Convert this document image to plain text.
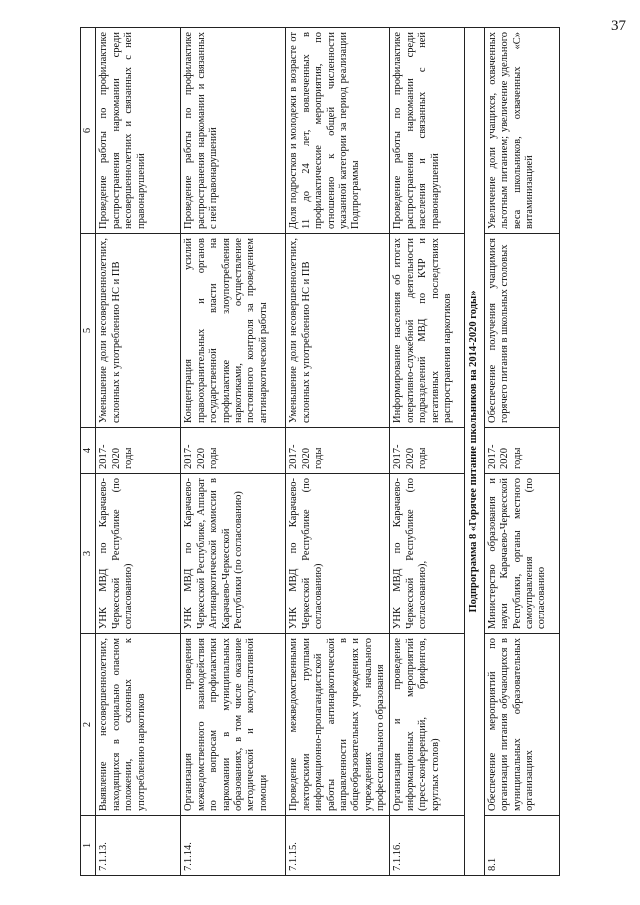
37
1	2	3	4	5	6
7.1.13.	Выявление несовершеннолетних, находящихся в социально опасном положении, склонных к употреблению наркотиков	УНК МВД по Карачаево-Черкесской Республике (по согласованию)	2017-2020 годы	Уменьшение доли несовершеннолетних, склонных к употреблению НС и ПВ	Проведение работы по профилактике распространения наркомании среди несовершеннолетних и связанных с ней правонарушений
7.1.14.	Организация проведения межведомственного взаимодействия по вопросам профилактики наркомании в муниципальных образованиях, в том числе оказание методической и консультативной помощи	УНК МВД по Карачаево-Черкесской Республике, Аппарат Антинаркотической комиссии в Карачаево-Черкесской Республики (по согласованию)	2017-2020 годы	Концентрация усилий правоохранительных и органов государственной власти на профилактике злоупотребления наркотиками, осуществление постоянного контроля за проведением антинаркотической работы	Проведение работы по профилактике распространения наркомании и связанных с ней правонарушений
7.1.15.	Проведение межведомственными лекторскими группами информационно-пропагандистской работы антинаркотической направленности в общеобразовательных учреждениях и учреждениях начального профессионального образования	УНК МВД по Карачаево-Черкесской Республике (по согласованию)	2017-2020 годы	Уменьшение доли несовершеннолетних, склонных к употреблению НС и ПВ	Доля подростков и молодежи в возрасте от 11 до 24 лет, вовлеченных в профилактические мероприятия, по отношению к общей численности указанной категории за период реализации Подпрограммы
7.1.16.	Организация и проведение информационных мероприятий (пресс-конференций, брифингов, круглых столов)	УНК МВД по Карачаево-Черкесской Республике (по согласованию),	2017-2020 годы	Информирование населения об итогах оперативно-служебной деятельности подразделений МВД по КЧР и негативных последствиях распространения наркотиков	Проведение работы по профилактике распространения наркомании среди населения и связанных с ней правонарушений
Подпрограмма 8 «Горячее питание школьников на 2014-2020 годы»					
8.1	Обеспечение мероприятий по организации питания обучающихся в муниципальных образовательных организациях	Министерство образования и науки Карачаево-Черкесской Республики, органы местного самоуправления (по согласованию	2017-2020 годы	Обеспечение получения учащимися горячего питания в школьных столовых	Увеличение доли учащихся, охваченных льготным питанием; увеличение удельного веса школьников, охваченных «С» витаминизацией
